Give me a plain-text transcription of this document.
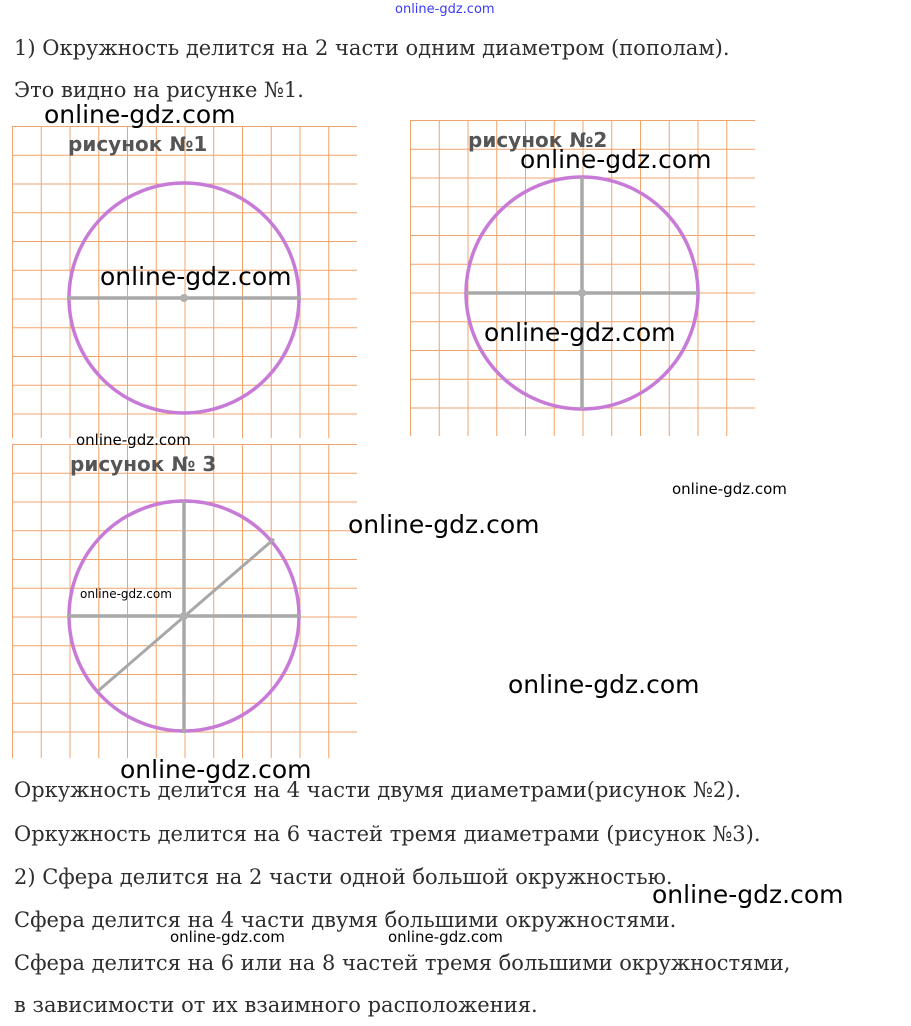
online-gdz.com

1) Окружность делится на 2 части одним диаметром (пополам).

Это видно на рисунке №1.

рисунок №1	рисунок №2
рисунок № 3

Оркужность делится на 4 части двумя диаметрами(рисунок №2).

Оркужность делится на 6 частей тремя диаметрами (рисунок №3).

2) Сфера делится на 2 части одной большой окружностью.

Сфера делится на 4 части двумя большими окружностями.

Сфера делится на 6 или на 8 частей тремя большими окружностями,

в зависимости от их взаимного расположения.

online-gdz.com
online-gdz.com
online-gdz.com
online-gdz.com
online-gdz.com
online-gdz.com
online-gdz.com
online-gdz.com
online-gdz.com
online-gdz.com
online-gdz.com
online-gdz.com	online-gdz.com
